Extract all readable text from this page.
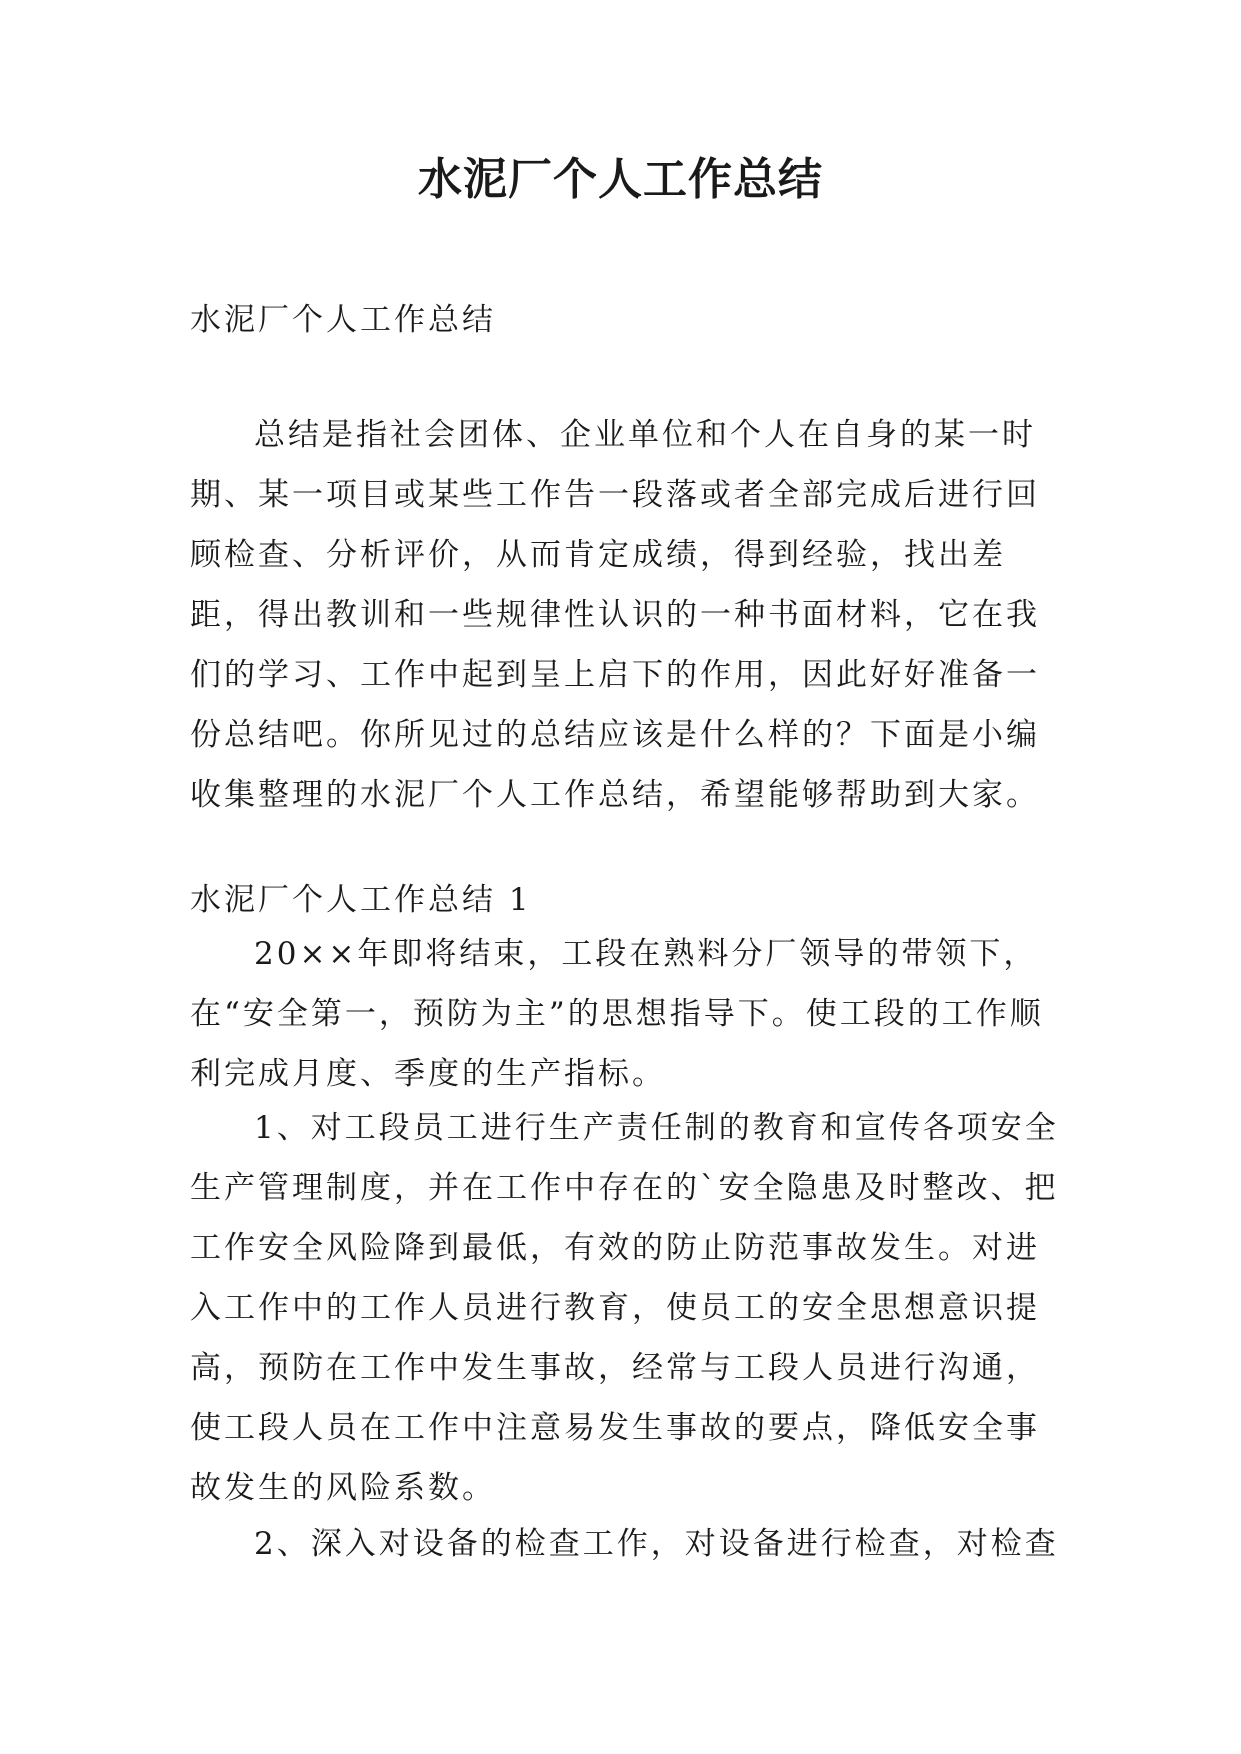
水泥厂个人工作总结

水泥厂个人工作总结

总结是指社会团体、企业单位和个人在自身的某一时期、某一项目或某些工作告一段落或者全部完成后进行回顾检查、分析评价，从而肯定成绩，得到经验，找出差距，得出教训和一些规律性认识的一种书面材料，它在我们的学习、工作中起到呈上启下的作用，因此好好准备一份总结吧。你所见过的总结应该是什么样的？下面是小编收集整理的水泥厂个人工作总结，希望能够帮助到大家。

水泥厂个人工作总结 1

20××年即将结束，工段在熟料分厂领导的带领下，在“安全第一，预防为主”的思想指导下。使工段的工作顺利完成月度、季度的生产指标。

1、对工段员工进行生产责任制的教育和宣传各项安全生产管理制度，并在工作中存在的`安全隐患及时整改、把工作安全风险降到最低，有效的防止防范事故发生。对进入工作中的工作人员进行教育，使员工的安全思想意识提高，预防在工作中发生事故，经常与工段人员进行沟通，使工段人员在工作中注意易发生事故的要点，降低安全事故发生的风险系数。

2、深入对设备的检查工作，对设备进行检查，对检查
